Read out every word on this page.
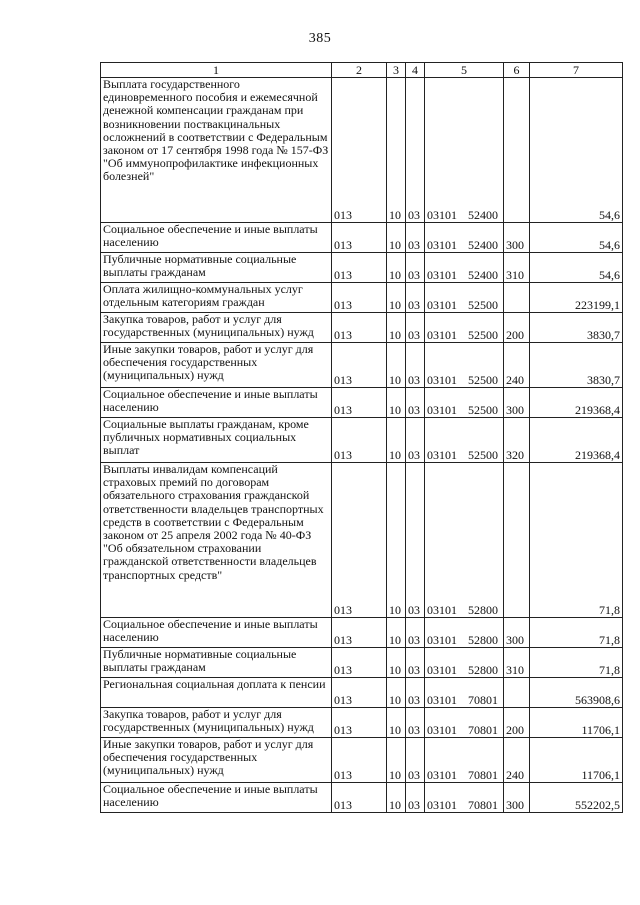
385
1	2	3	4	5	6	7
Выплата государственного единовременного пособия и ежемесячной денежной компенсации гражданам при возникновении поствакцинальных осложнений в соответствии с Федеральным законом от 17 сентября 1998 года № 157-ФЗ "Об иммунопрофилактике инфекционных болезней"	013	10	03	03101 52400		54,6
Социальное обеспечение и иные выплаты населению	013	10	03	03101 52400	300	54,6
Публичные нормативные социальные выплаты гражданам	013	10	03	03101 52400	310	54,6
Оплата жилищно-коммунальных услуг отдельным категориям граждан	013	10	03	03101 52500		223199,1
Закупка товаров, работ и услуг для государственных (муниципальных) нужд	013	10	03	03101 52500	200	3830,7
Иные закупки товаров, работ и услуг для обеспечения государственных (муниципальных) нужд	013	10	03	03101 52500	240	3830,7
Социальное обеспечение и иные выплаты населению	013	10	03	03101 52500	300	219368,4
Социальные выплаты гражданам, кроме публичных нормативных социальных выплат	013	10	03	03101 52500	320	219368,4
Выплаты инвалидам компенсаций страховых премий по договорам обязательного страхования гражданской ответственности владельцев транспортных средств в соответствии с Федеральным законом от 25 апреля 2002 года № 40-ФЗ "Об обязательном страховании гражданской ответственности владельцев транспортных средств"	013	10	03	03101 52800		71,8
Социальное обеспечение и иные выплаты населению	013	10	03	03101 52800	300	71,8
Публичные нормативные социальные выплаты гражданам	013	10	03	03101 52800	310	71,8
Региональная социальная доплата к пенсии	013	10	03	03101 70801		563908,6
Закупка товаров, работ и услуг для государственных (муниципальных) нужд	013	10	03	03101 70801	200	11706,1
Иные закупки товаров, работ и услуг для обеспечения государственных (муниципальных) нужд	013	10	03	03101 70801	240	11706,1
Социальное обеспечение и иные выплаты населению	013	10	03	03101 70801	300	552202,5
